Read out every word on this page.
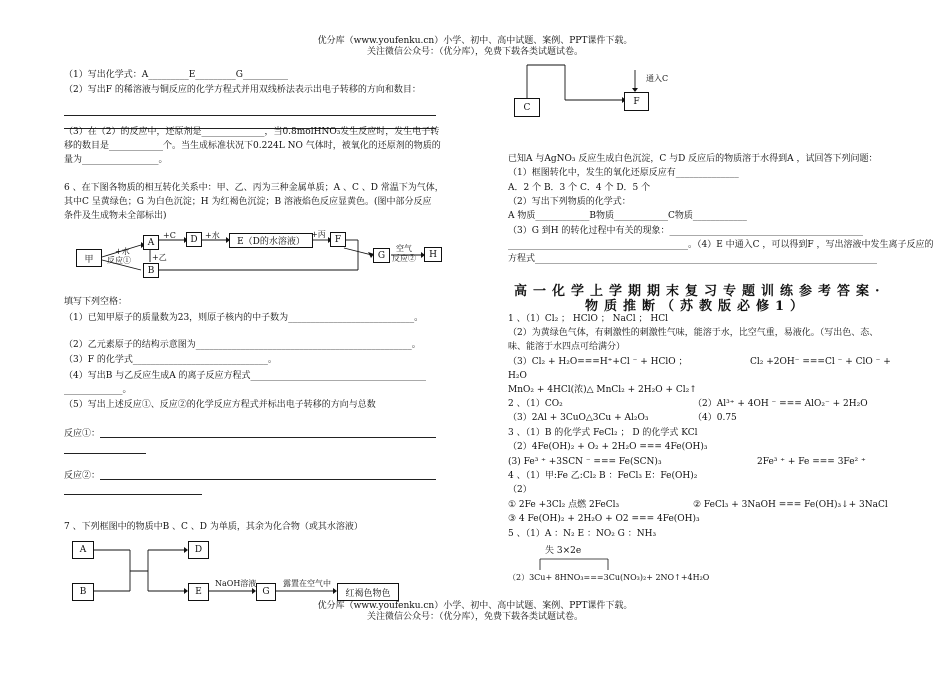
优分库（www.youfenku.cn）小学、初中、高中试题、案例、PPT课件下载。
关注微信公众号：（优分库），免费下载各类试题试卷。
（1）写出化学式：A_________E_________G__________
（2）写出F 的稀溶液与铜反应的化学方程式并用双线桥法表示出电子转移的方向和数目：
（3）在（2）的反应中，还原剂是______________，当0.8molHNO₃发生反应时，发生电子转
移的数目是____________个。当生成标准状况下0.224L NO 气体时，被氧化的还原剂的物质的
量为_________________。
6 、在下图各物质的相互转化关系中：甲、乙、丙为三种金属单质；A 、C 、D 常温下为气体，
其中C 呈黄绿色；G 为白色沉淀；H 为红褐色沉淀；B 溶液焰色反应显黄色。(图中部分反应
条件及生成物未全部标出)
甲
A
B
D	E（D的水溶液）	F
G	H
+水
反应①
+C	+水
+乙
+丙
空气
反应②
填写下列空格：
（1）已知甲原子的质量数为23，则原子核内的中子数为____________________________。
（2）乙元素原子的结构示意图为________________________________________________。
（3）F 的化学式______________________________。
（4）写出B 与乙反应生成A 的离子反应方程式_______________________________________
_____________。
（5）写出上述反应①、反应②的化学反应方程式并标出电子转移的方向与总数
反应①：
反应②：
7 、下列框图中的物质中B 、C 、D 为单质，其余为化合物（或其水溶液）
A
B
D
E	G	红褐色物色
NaOH溶液	露置在空气中
C
F
通入C
已知A 与AgNO₃ 反应生成白色沉淀，C 与D 反应后的物质溶于水得到A ，试回答下列问题：
（1）框图转化中，发生的氧化还原反应有______________
A．2 个 B．3 个 C．4 个 D．5 个
（2）写出下列物质的化学式：
A 物质____________B物质____________C物质____________
（3）G 到H 的转化过程中有关的现象：___________________________________________
________________________________________。（4）E 中通入C ，可以得到F ，写出溶液中发生离子反应的
方程式____________________________________________________________________________
高一化学上学期期末复习专题训练参考答案·
物质推断（苏教版必修1）
1 、（1）Cl₂ ； HClO ； NaCl ； HCl
（2）为黄绿色气体，有刺激性的刺激性气味，能溶于水，比空气重，易液化。（写出色、态、
味、能溶于水四点可给满分）
（3）Cl₂ + H₂O===H⁺+Cl ⁻ + HClO ；	Cl₂ +2OH⁻ ===Cl ⁻ + ClO ⁻ +
H₂O
MnO₂ + 4HCl(浓)△ MnCl₂ + 2H₂O + Cl₂↑
2 、（1）CO₂	（2）Al³⁺ + 4OH ⁻ === AlO₂⁻ + 2H₂O
（3）2Al + 3CuO△3Cu + Al₂O₃	（4）0.75
3 、（1）B 的化学式 FeCl₂ ； D 的化学式 KCl
（2）4Fe(OH)₂ + O₂ + 2H₂O === 4Fe(OH)₃
(3) Fe³ ⁺ +3SCN ⁻ === Fe(SCN)₃	2Fe³ ⁺ + Fe === 3Fe² ⁺
4 、（1）甲:Fe 乙:Cl₂ B ：FeCl₃ E：Fe(OH)₂
（2）
① 2Fe +3Cl₂ 点燃 2FeCl₃	② FeCl₃ + 3NaOH === Fe(OH)₃↓+ 3NaCl
③ 4 Fe(OH)₂ + 2H₂O + O2 === 4Fe(OH)₃
5 、（1）A ：N₂ E ：NO₂ G ：NH₃
失 3×2e
（2）3Cu+ 8HNO₃===3Cu(NO₃)₂+ 2NO↑+4H₂O
优分库（www.youfenku.cn）小学、初中、高中试题、案例、PPT课件下载。
关注微信公众号：（优分库），免费下载各类试题试卷。
